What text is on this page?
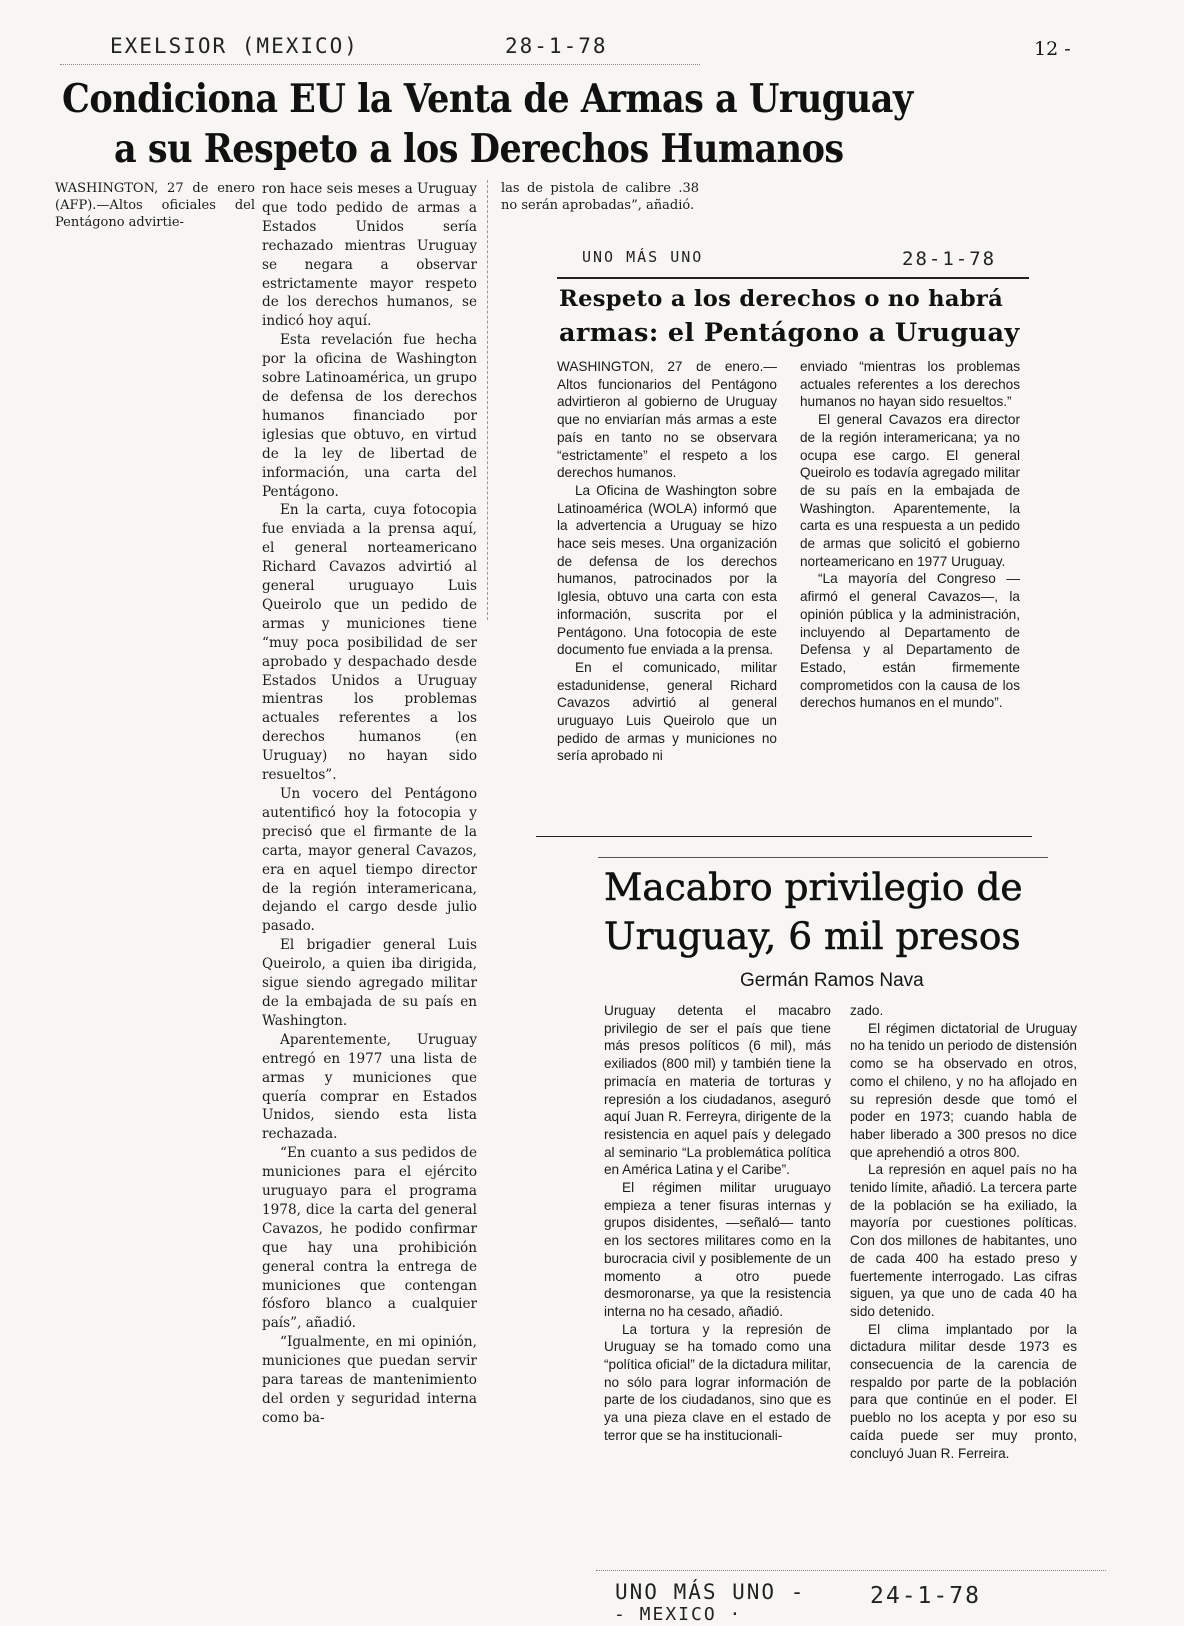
EXELSIOR (MEXICO)	28-1-78	12 -
Condiciona EU la Venta de Armas a Uruguay
a su Respeto a los Derechos Humanos

WASHINGTON, 27 de enero (AFP).—Altos oficiales del Pentágono advirtie-

ron hace seis meses a Uruguay que todo pedido de armas a Estados Unidos sería rechazado mientras Uruguay se negara a observar estrictamente mayor respeto de los derechos humanos, se indicó hoy aquí.

Esta revelación fue hecha por la oficina de Washington sobre Latinoamérica, un grupo de defensa de los derechos humanos financiado por iglesias que obtuvo, en virtud de la ley de libertad de información, una carta del Pentágono.

En la carta, cuya fotocopia fue enviada a la prensa aquí, el general norteamericano Richard Cavazos advirtió al general uruguayo Luis Queirolo que un pedido de armas y municiones tiene “muy poca posibilidad de ser aprobado y despachado desde Estados Unidos a Uruguay mientras los problemas actuales referentes a los derechos humanos (en Uruguay) no hayan sido resueltos”.

Un vocero del Pentágono autentificó hoy la fotocopia y precisó que el firmante de la carta, mayor general Cavazos, era en aquel tiempo director de la región interamericana, dejando el cargo desde julio pasado.

El brigadier general Luis Queirolo, a quien iba dirigida, sigue siendo agregado militar de la embajada de su país en Washington.

Aparentemente, Uruguay entregó en 1977 una lista de armas y municiones que quería comprar en Estados Unidos, siendo esta lista rechazada.

“En cuanto a sus pedidos de municiones para el ejército uruguayo para el programa 1978, dice la carta del general Cavazos, he podido confirmar que hay una prohibición general contra la entrega de municiones que contengan fósforo blanco a cualquier país”, añadió.

“Igualmente, en mi opinión, municiones que puedan servir para tareas de mantenimiento del orden y seguridad interna como ba-

las de pistola de calibre .38 no serán aprobadas”, añadió.

UNO MÁS UNO	28-1-78
Respeto a los derechos o no habrá
armas: el Pentágono a Uruguay

WASHINGTON, 27 de enero.— Altos funcionarios del Pentágono advirtieron al gobierno de Uruguay que no enviarían más armas a este país en tanto no se observara “estrictamente” el respeto a los derechos humanos.

La Oficina de Washington sobre Latinoamérica (WOLA) informó que la advertencia a Uruguay se hizo hace seis meses. Una organización de defensa de los derechos humanos, patrocinados por la Iglesia, obtuvo una carta con esta información, suscrita por el Pentágono. Una fotocopia de este documento fue enviada a la prensa.

En el comunicado, militar estadunidense, general Richard Cavazos advirtió al general uruguayo Luis Queirolo que un pedido de armas y municiones no sería aprobado ni

enviado “mientras los problemas actuales referentes a los derechos humanos no hayan sido resueltos.”

El general Cavazos era director de la región interamericana; ya no ocupa ese cargo. El general Queirolo es todavía agregado militar de su país en la embajada de Washington. Aparentemente, la carta es una respuesta a un pedido de armas que solicitó el gobierno norteamericano en 1977 Uruguay.

“La mayoría del Congreso —afirmó el general Cavazos—, la opinión pública y la administración, incluyendo al Departamento de Defensa y al Departamento de Estado, están firmemente comprometidos con la causa de los derechos humanos en el mundo”.

Macabro privilegio de
Uruguay, 6 mil presos
Germán Ramos Nava

Uruguay detenta el macabro privilegio de ser el país que tiene más presos políticos (6 mil), más exiliados (800 mil) y también tiene la primacía en materia de torturas y represión a los ciudadanos, aseguró aquí Juan R. Ferreyra, dirigente de la resistencia en aquel país y delegado al seminario “La problemática política en América Latina y el Caribe”.

El régimen militar uruguayo empieza a tener fisuras internas y grupos disidentes, —señaló— tanto en los sectores militares como en la burocracia civil y posiblemente de un momento a otro puede desmoronarse, ya que la resistencia interna no ha cesado, añadió.

La tortura y la represión de Uruguay se ha tomado como una “política oficial” de la dictadura militar, no sólo para lograr información de parte de los ciudadanos, sino que es ya una pieza clave en el estado de terror que se ha institucionali-

zado.

El régimen dictatorial de Uruguay no ha tenido un periodo de distensión como se ha observado en otros, como el chileno, y no ha aflojado en su represión desde que tomó el poder en 1973; cuando habla de haber liberado a 300 presos no dice que aprehendió a otros 800.

La represión en aquel país no ha tenido límite, añadió. La tercera parte de la población se ha exiliado, la mayoría por cuestiones políticas. Con dos millones de habitantes, uno de cada 400 ha estado preso y fuertemente interrogado. Las cifras siguen, ya que uno de cada 40 ha sido detenido.

El clima implantado por la dictadura militar desde 1973 es consecuencia de la carencia de respaldo por parte de la población para que continúe en el poder. El pueblo no los acepta y por eso su caída puede ser muy pronto, concluyó Juan R. Ferreira.

UNO MÁS UNO -
- MEXICO ·
24-1-78
